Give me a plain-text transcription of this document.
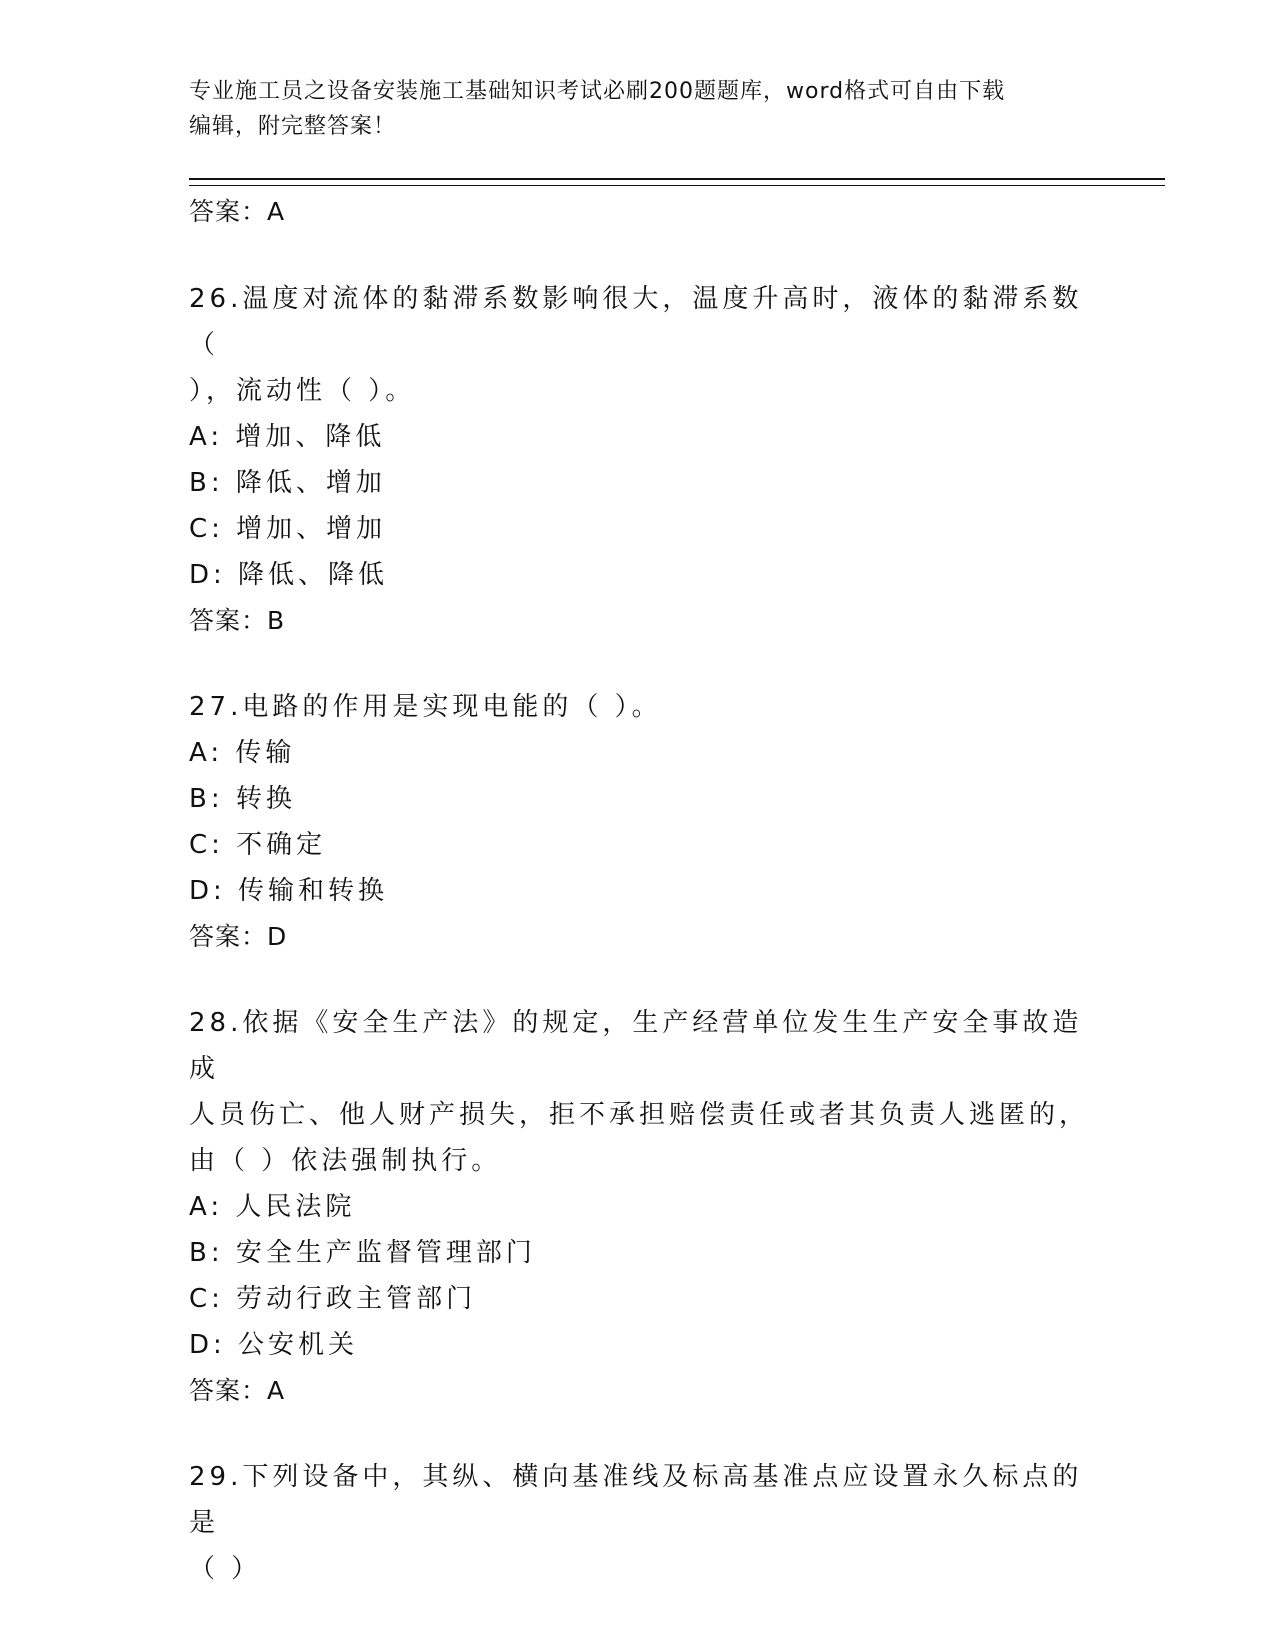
专业施工员之设备安装施工基础知识考试必刷200题题库，word格式可自由下载
编辑，附完整答案！
答案：A
26.温度对流体的黏滞系数影响很大，温度升高时，液体的黏滞系数（
），流动性（ ）。
A: 增加、降低
B: 降低、增加
C: 增加、增加
D: 降低、降低
答案：B
27.电路的作用是实现电能的（ ）。
A: 传输
B: 转换
C: 不确定
D: 传输和转换
答案：D
28.依据《安全生产法》的规定，生产经营单位发生生产安全事故造成
人员伤亡、他人财产损失，拒不承担赔偿责任或者其负责人逃匿的，
由（ ）依法强制执行。
A: 人民法院
B: 安全生产监督管理部门
C: 劳动行政主管部门
D: 公安机关
答案：A
29.下列设备中，其纵、横向基准线及标高基准点应设置永久标点的是
（ ）
